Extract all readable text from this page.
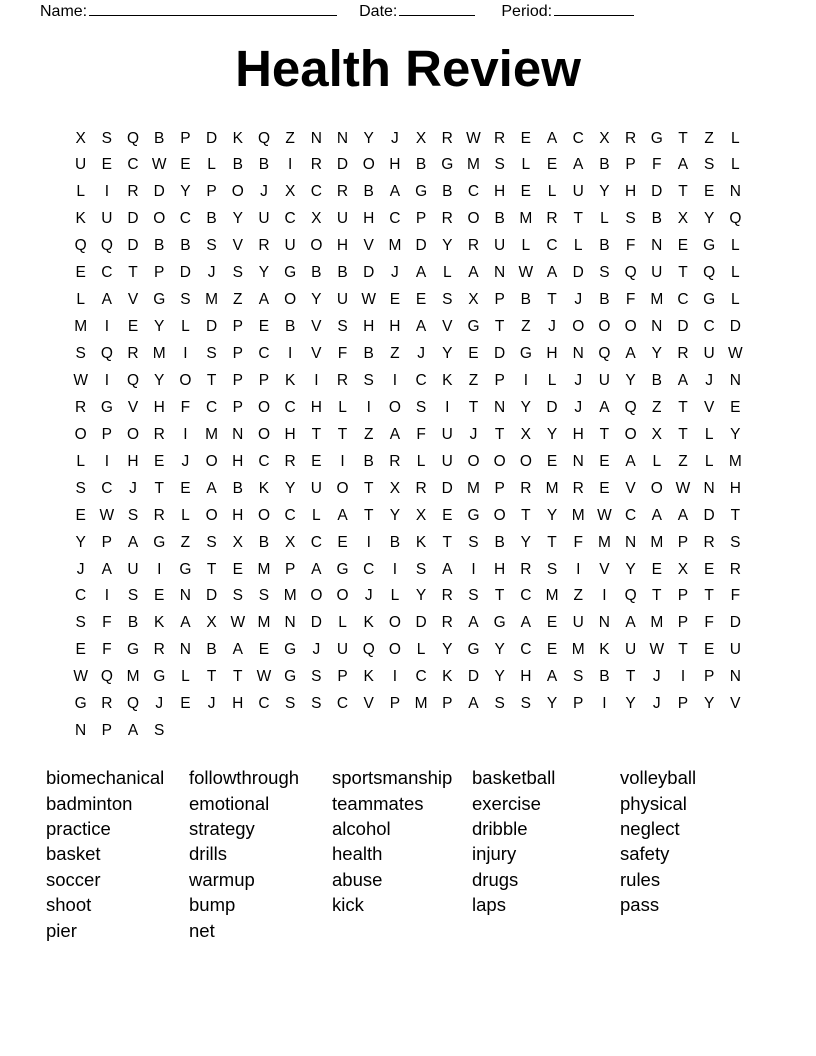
Name:	Date:	Period:
Health Review
X	S Q B	P D K Q Z	N N Y	J	X R W R E	A C X R G T	Z	L
U E C W E	L	B	B	I	R D O H B G M S	L	E	A	B	P	F	A	S	L
L	I	R D Y	P O	J	X C R B	A G B C H E	L	U Y H D	T	E N
K U D O C B	Y U C X U H C P R O B M R	T	L	S	B	X	Y Q
Q Q D B	B	S	V R U O H V M D Y R U	L	C	L	B	F	N E G	L
E C	T	P D	J	S	Y G B	B D	J	A	L	A N W A D S Q U	T Q	L
L	A	V G S M Z	A O Y U W E	E	S	X	P	B	T	J	B	F M C G	L
M	I	E	Y	L	D P	E	B	V	S H H A	V G T	Z	J	O O O N D C D
S Q R M	I	S	P C	I	V	F	B	Z	J	Y	E D G H N Q A	Y R U W
W	I	Q Y O T	P	P	K	I	R S	I	C K	Z	P	I	L	J	U Y	B	A	J	N
R G V H	F	C P O C H	L	I	O S	I	T	N Y D	J	A Q Z	T	V	E
O P O R	I	M N O H	T	T	Z	A	F	U	J	T	X	Y H	T O X	T	L	Y
L	I	H E	J	O H C R E	I	B R	L	U O O O E N E	A	L	Z	L M
S C	J	T	E	A	B	K	Y U O T	X R D M P R M R E	V O W N H
E W S R	L	O H O C	L	A	T	Y	X	E G O T	Y M W C A	A D	T
Y	P	A G Z	S	X	B	X C E	I	B	K	T	S	B	Y	T	F M N M P R S
J	A U	I	G T	E M P	A G C	I	S	A	I	H R S	I	V	Y	E	X	E R
C	I	S	E N D S	S M O O	J	L	Y R S	T	C M Z	I	Q T	P	T	F
S	F	B	K	A	X W M N D	L	K O D R A G A	E U N A M P	F	D
E	F G R N B	A	E G	J	U Q O	L	Y G Y C E M K U W T	E U
W Q M G	L	T	T W G S	P	K	I	C K D Y H A	S	B	T	J	I	P N
G R Q	J	E	J	H C S	S C V	P M P	A	S	S	Y	P	I	Y	J	P	Y	V
N P	A	S
biomechanical
badminton
practice
basket
soccer
shoot
pier
followthrough
emotional
strategy
drills
warmup
bump
net
sportsmanship
teammates
alcohol
health
abuse
kick
basketball
exercise
dribble
injury
drugs
laps
volleyball
physical
neglect
safety
rules
pass
